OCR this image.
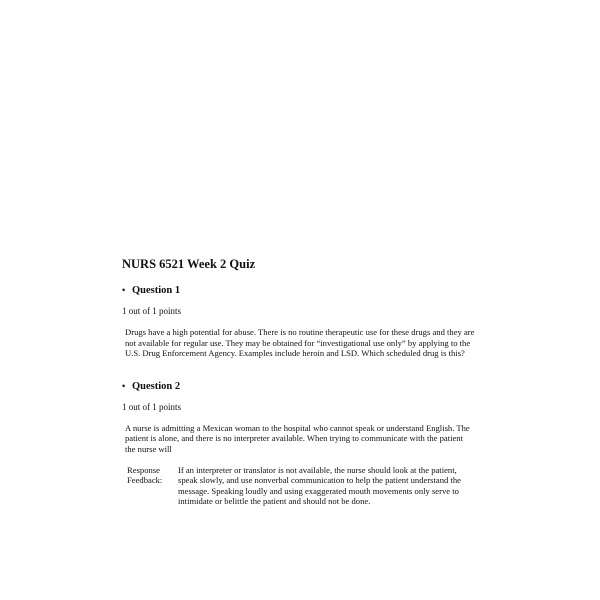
NURS 6521 Week 2 Quiz
• Question 1

1 out of 1 points

Drugs have a high potential for abuse. There is no routine therapeutic use for these drugs and they are not available for regular use. They may be obtained for “investigational use only” by applying to the U.S. Drug Enforcement Agency. Examples include heroin and LSD. Which scheduled drug is this?

• Question 2

1 out of 1 points

A nurse is admitting a Mexican woman to the hospital who cannot speak or understand English. The patient is alone, and there is no interpreter available. When trying to communicate with the patient the nurse will

Response
Feedback:
If an interpreter or translator is not available, the nurse should look at the patient, speak slowly, and use nonverbal communication to help the patient understand the message. Speaking loudly and using exaggerated mouth movements only serve to intimidate or belittle the patient and should not be done.
